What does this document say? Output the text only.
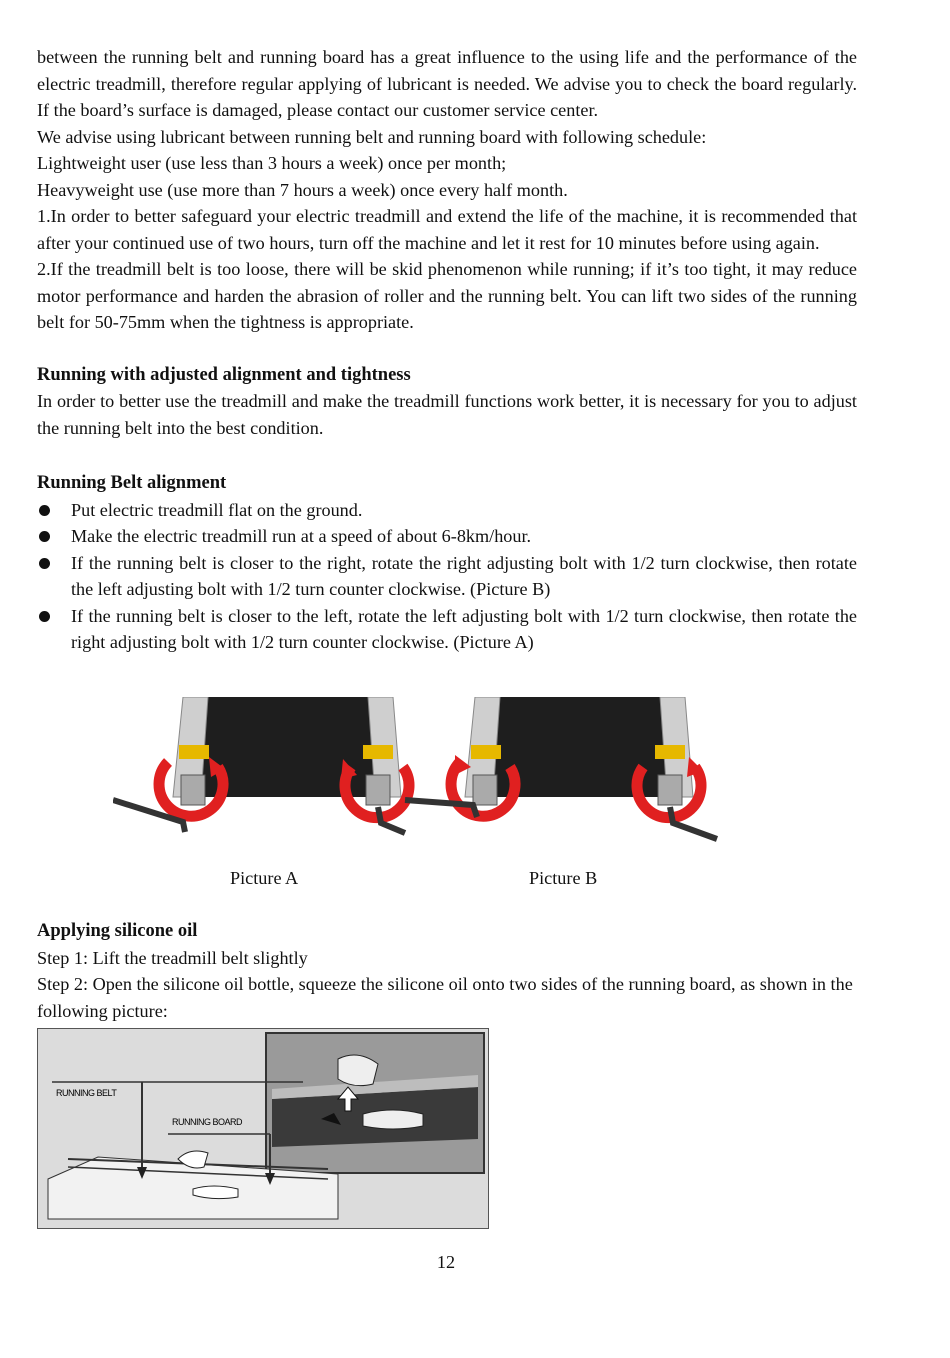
between the running belt and running board has a great influence to the using life and the performance of the electric treadmill, therefore regular applying of lubricant is needed. We advise you to check the board regularly. If the board’s surface is damaged, please contact our customer service center.

We advise using lubricant between running belt and running board with following schedule:

Lightweight user (use less than 3 hours a week) once per month;

Heavyweight use (use more than 7 hours a week) once every half month.

1.In order to better safeguard your electric treadmill and extend the life of the machine, it is recommended that after your continued use of two hours, turn off the machine and let it rest for 10 minutes before using again.

2.If the treadmill belt is too loose, there will be skid phenomenon while running; if it’s too tight, it may reduce motor performance and harden the abrasion of roller and the running belt. You can lift two sides of the running belt for 50-75mm when the tightness is appropriate.

Running with adjusted alignment and tightness

In order to better use the treadmill and make the treadmill functions work better, it is necessary for you to adjust the running belt into the best condition.

Running Belt alignment
Put electric treadmill flat on the ground.
Make the electric treadmill run at a speed of about 6-8km/hour.
If the running belt is closer to the right, rotate the right adjusting bolt with 1/2 turn clockwise, then rotate the left adjusting bolt with 1/2 turn counter clockwise. (Picture B)
If the running belt is closer to the left, rotate the left adjusting bolt with 1/2 turn clockwise, then rotate the right adjusting bolt with 1/2 turn counter clockwise. (Picture A)
Picture A	Picture B
Applying silicone oil

Step 1: Lift the treadmill belt slightly

Step 2: Open the silicone oil bottle, squeeze the silicone oil onto two sides of the running board, as shown in the following picture:

RUNNING BELT
RUNNING BOARD
12
